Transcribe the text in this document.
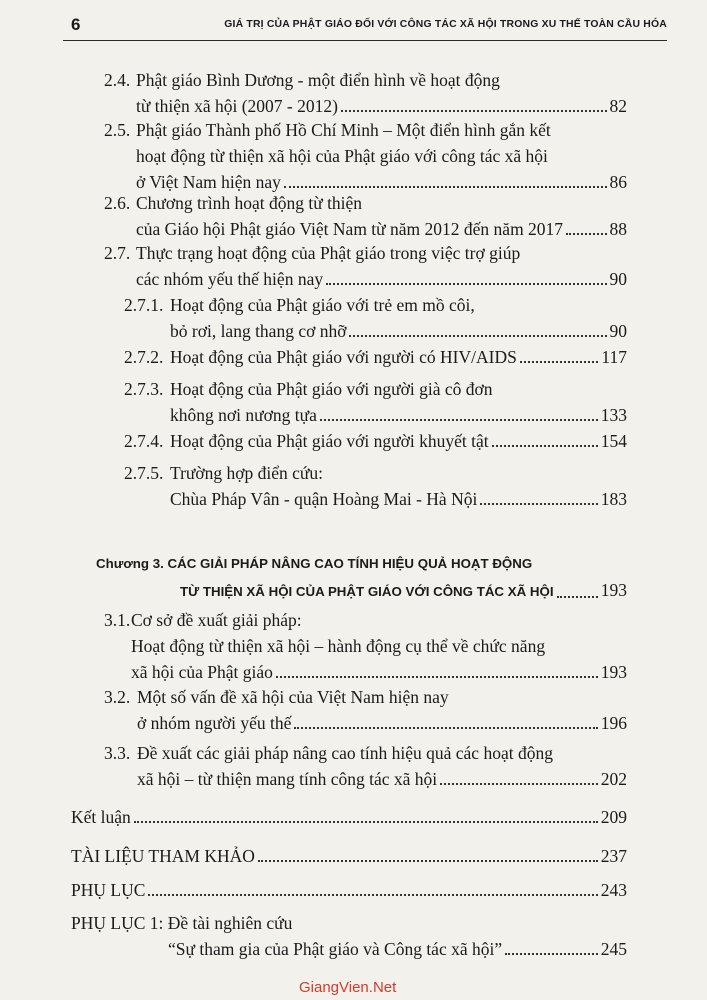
6	GIÁ TRỊ CỦA PHẬT GIÁO ĐỐI VỚI CÔNG TÁC XÃ HỘI TRONG XU THẾ TOÀN CẦU HÓA
2.4. Phật giáo Bình Dương - một điển hình về hoạt động
từ thiện xã hội (2007 - 2012)	82
2.5. Phật giáo Thành phố Hồ Chí Minh – Một điển hình gắn kết
hoạt động từ thiện xã hội của Phật giáo với công tác xã hội
ở Việt Nam hiện nay	86
2.6. Chương trình hoạt động từ thiện
của Giáo hội Phật giáo Việt Nam từ năm 2012 đến năm 2017	88
2.7. Thực trạng hoạt động của Phật giáo trong việc trợ giúp
các nhóm yếu thế hiện nay	90
2.7.1. Hoạt động của Phật giáo với trẻ em mồ côi,
bỏ rơi, lang thang cơ nhỡ	90
2.7.2. Hoạt động của Phật giáo với người có HIV/AIDS	117
2.7.3. Hoạt động của Phật giáo với người già cô đơn
không nơi nương tựa	133
2.7.4. Hoạt động của Phật giáo với người khuyết tật	154
2.7.5. Trường hợp điển cứu:
Chùa Pháp Vân - quận Hoàng Mai - Hà Nội	183
Chương 3. CÁC GIẢI PHÁP NÂNG CAO TÍNH HIỆU QUẢ HOẠT ĐỘNG
TỪ THIỆN XÃ HỘI CỦA PHẬT GIÁO VỚI CÔNG TÁC XÃ HỘI	193
3.1. Cơ sở đề xuất giải pháp:
Hoạt động từ thiện xã hội – hành động cụ thể về chức năng
xã hội của Phật giáo	193
3.2. Một số vấn đề xã hội của Việt Nam hiện nay
ở nhóm người yếu thế	196
3.3. Đề xuất các giải pháp nâng cao tính hiệu quả các hoạt động
xã hội – từ thiện mang tính công tác xã hội	202
Kết luận	209
TÀI LIỆU THAM KHẢO	237
PHỤ LỤC	243
PHỤ LỤC 1: Đề tài nghiên cứu
“Sự tham gia của Phật giáo và Công tác xã hội”	245
GiangVien.Net
